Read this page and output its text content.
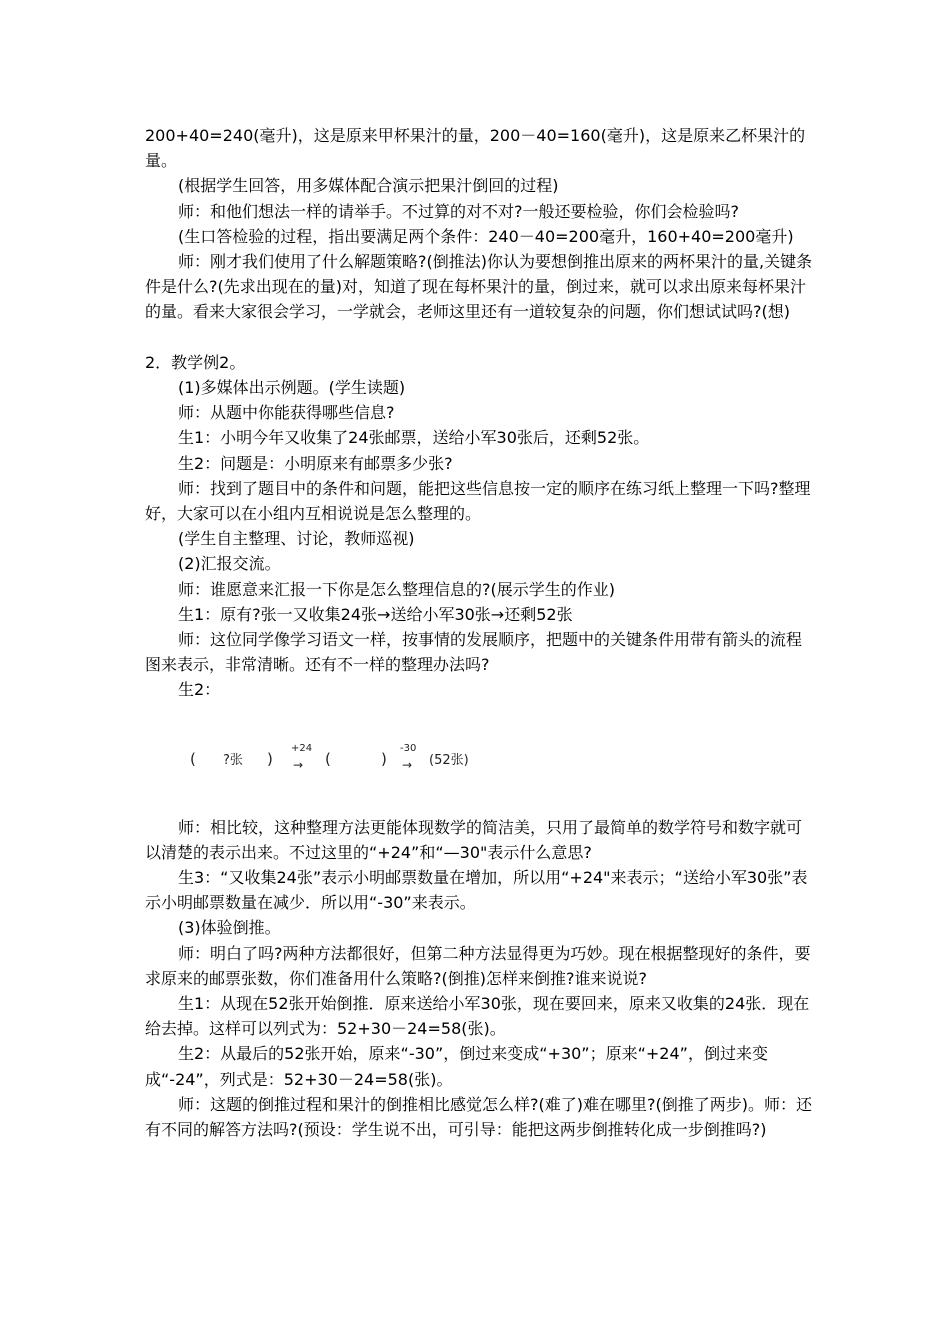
200+40=240(毫升)，这是原来甲杯果汁的量，200－40=160(毫升)，这是原来乙杯果汁的量。

(根据学生回答，用多媒体配合演示把果汁倒回的过程)

师：和他们想法一样的请举手。不过算的对不对?一般还要检验，你们会检验吗?

(生口答检验的过程，指出要满足两个条件：240－40=200毫升，160+40=200毫升)

师：刚才我们使用了什么解题策略?(倒推法)你认为要想倒推出原来的两杯果汁的量,关键条件是什么?(先求出现在的量)对，知道了现在每杯果汁的量，倒过来，就可以求出原来每杯果汁的量。看来大家很会学习，一学就会，老师这里还有一道较复杂的问题，你们想试试吗?(想)

2．教学例2。

(1)多媒体出示例题。(学生读题)

师：从题中你能获得哪些信息?

生1：小明今年又收集了24张邮票，送给小军30张后，还剩52张。

生2：问题是：小明原来有邮票多少张?

师：找到了题目中的条件和问题，能把这些信息按一定的顺序在练习纸上整理一下吗?整理好，大家可以在小组内互相说说是怎么整理的。

(学生自主整理、讨论，教师巡视)

(2)汇报交流。

师：谁愿意来汇报一下你是怎么整理信息的?(展示学生的作业)

生1：原有?张一又收集24张→送给小军30张→还剩52张

师：这位同学像学习语文一样，按事情的发展顺序，把题中的关键条件用带有箭头的流程图来表示，非常清晰。还有不一样的整理办法吗?

生2：

( ?张 )
+24
→ (	)
-30
→ (52张)

师：相比较，这种整理方法更能体现数学的简洁美，只用了最简单的数学符号和数字就可以清楚的表示出来。不过这里的“+24”和“—30"表示什么意思?

生3：“又收集24张”表示小明邮票数量在增加，所以用“+24"来表示；“送给小军30张”表示小明邮票数量在减少．所以用“-30”来表示。

(3)体验倒推。

师：明白了吗?两种方法都很好，但第二种方法显得更为巧妙。现在根据整现好的条件，要求原来的邮票张数，你们准备用什么策略?(倒推)怎样来倒推?谁来说说?

生1：从现在52张开始倒推．原来送给小军30张，现在要回来，原来又收集的24张．现在给去掉。这样可以列式为：52+30－24=58(张)。

生2：从最后的52张开始，原来“-30”，倒过来变成“+30”；原来“+24”，倒过来变成“-24”，列式是：52+30－24=58(张)。

师：这题的倒推过程和果汁的倒推相比感觉怎么样?(难了)难在哪里?(倒推了两步)。师：还有不同的解答方法吗?(预设：学生说不出，可引导：能把这两步倒推转化成一步倒推吗?)
